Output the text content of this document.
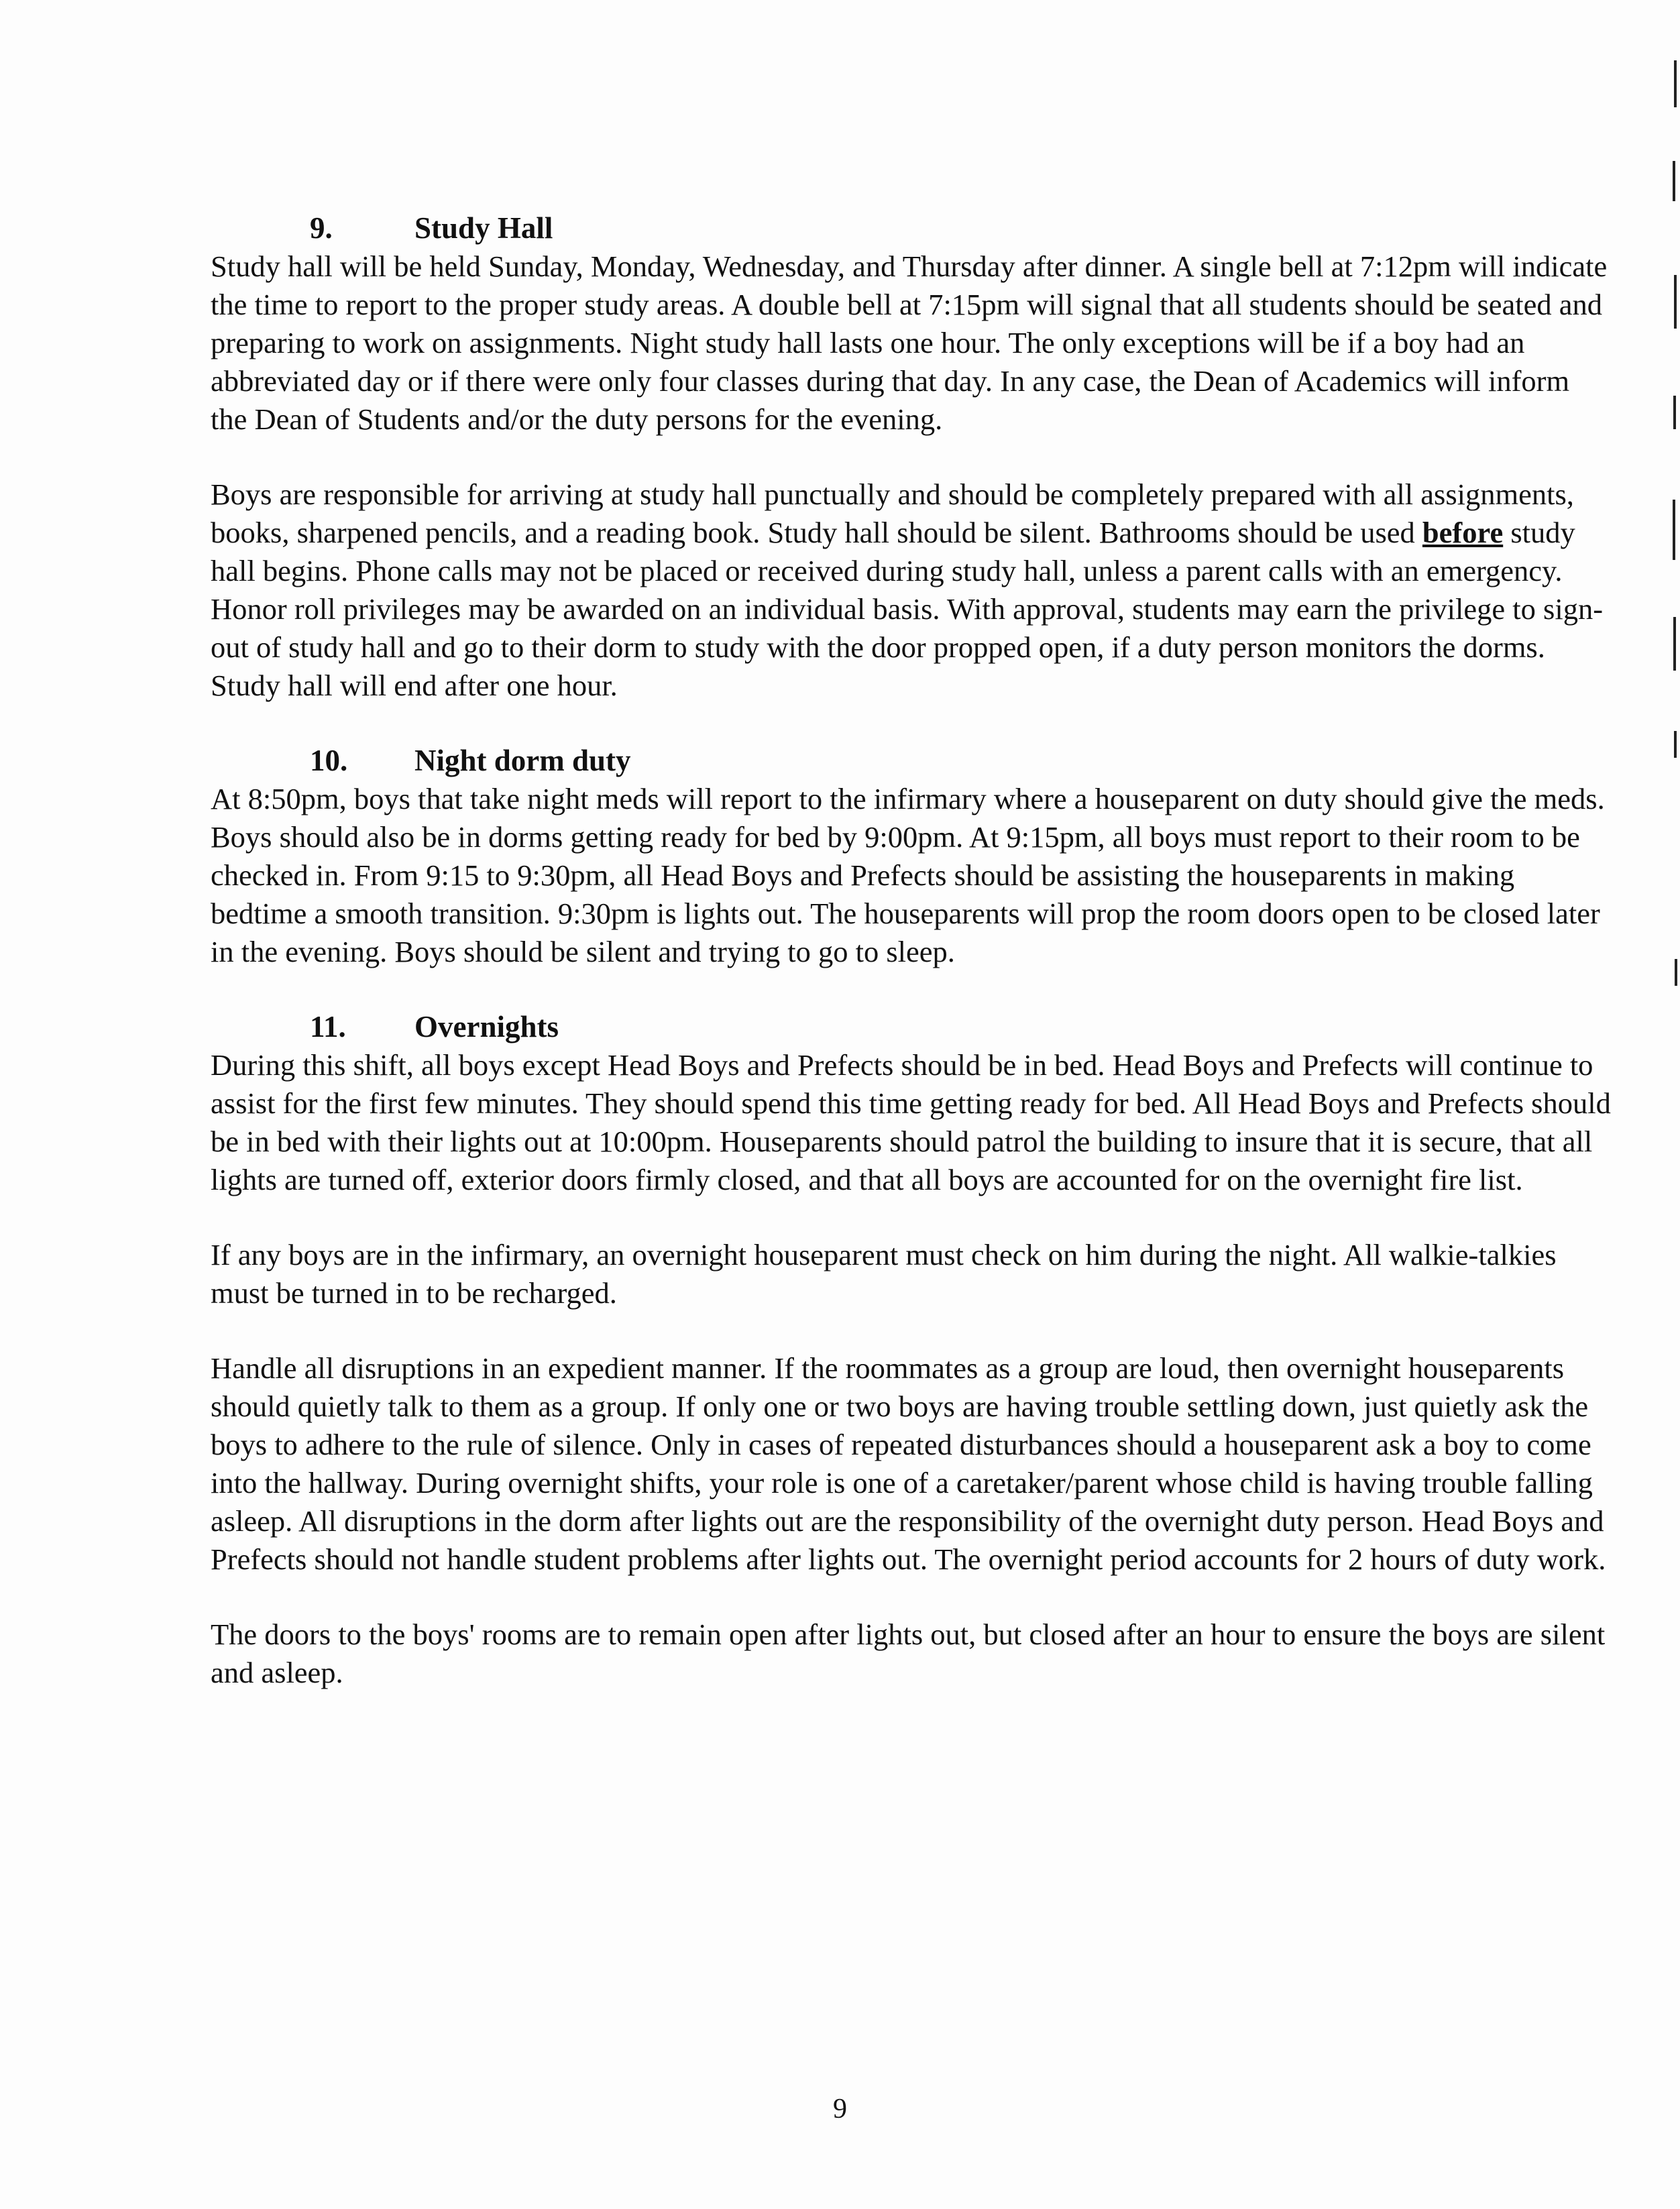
9.	Study Hall

Study hall will be held Sunday, Monday, Wednesday, and Thursday after dinner. A single bell at 7:12pm will indicate the time to report to the proper study areas. A double bell at 7:15pm will signal that all students should be seated and preparing to work on assignments. Night study hall lasts one hour. The only exceptions will be if a boy had an abbreviated day or if there were only four classes during that day. In any case, the Dean of Academics will inform the Dean of Students and/or the duty persons for the evening.

Boys are responsible for arriving at study hall punctually and should be completely prepared with all assignments, books, sharpened pencils, and a reading book. Study hall should be silent. Bathrooms should be used before study hall begins. Phone calls may not be placed or received during study hall, unless a parent calls with an emergency. Honor roll privileges may be awarded on an individual basis. With approval, students may earn the privilege to sign-out of study hall and go to their dorm to study with the door propped open, if a duty person monitors the dorms. Study hall will end after one hour.

10. Night dorm duty

At 8:50pm, boys that take night meds will report to the infirmary where a houseparent on duty should give the meds. Boys should also be in dorms getting ready for bed by 9:00pm. At 9:15pm, all boys must report to their room to be checked in. From 9:15 to 9:30pm, all Head Boys and Prefects should be assisting the houseparents in making bedtime a smooth transition. 9:30pm is lights out. The houseparents will prop the room doors open to be closed later in the evening. Boys should be silent and trying to go to sleep.

11. Overnights

During this shift, all boys except Head Boys and Prefects should be in bed. Head Boys and Prefects will continue to assist for the first few minutes. They should spend this time getting ready for bed. All Head Boys and Prefects should be in bed with their lights out at 10:00pm. Houseparents should patrol the building to insure that it is secure, that all lights are turned off, exterior doors firmly closed, and that all boys are accounted for on the overnight fire list.

If any boys are in the infirmary, an overnight houseparent must check on him during the night. All walkie-talkies must be turned in to be recharged.

Handle all disruptions in an expedient manner. If the roommates as a group are loud, then overnight houseparents should quietly talk to them as a group. If only one or two boys are having trouble settling down, just quietly ask the boys to adhere to the rule of silence. Only in cases of repeated disturbances should a houseparent ask a boy to come into the hallway. During overnight shifts, your role is one of a caretaker/parent whose child is having trouble falling asleep. All disruptions in the dorm after lights out are the responsibility of the overnight duty person. Head Boys and Prefects should not handle student problems after lights out. The overnight period accounts for 2 hours of duty work.

The doors to the boys' rooms are to remain open after lights out, but closed after an hour to ensure the boys are silent and asleep.

9
